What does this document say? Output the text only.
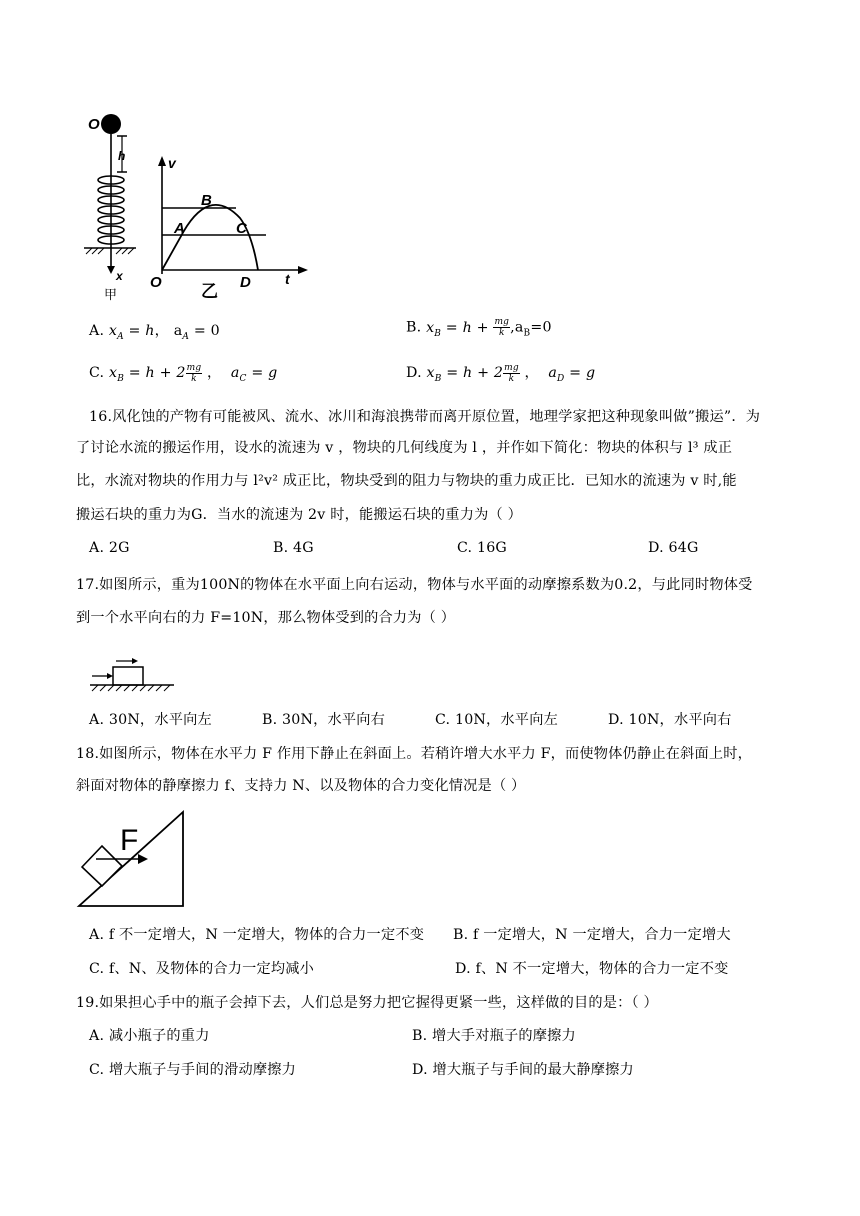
O
h
x
甲
v
t
B
A	C
O 乙 D
A. $x_A = h$， $a_A = 0$	B. $x_B = h + \frac{mg}{k} ,a_B=0$
C. $x_B = h + 2 \frac{mg}{k}$ ，  $a_C = g$	D. $x_B = h + 2 \frac{mg}{k}$ ，  $a_D = g$
16.风化蚀的产物有可能被风、流水、冰川和海浪携带而离开原位置，地理学家把这种现象叫做”搬运”．为
了讨论水流的搬运作用，设水的流速为 v ，物块的几何线度为 l ，并作如下简化：物块的体积与 l³ 成正
比，水流对物块的作用力与 l²v² 成正比，物块受到的阻力与物块的重力成正比．已知水的流速为 v 时,能
搬运石块的重力为G．当水的流速为 2v 时，能搬运石块的重力为（ ）
A. 2G	B. 4G	C. 16G	D. 64G
17.如图所示，重为100N的物体在水平面上向右运动，物体与水平面的动摩擦系数为0.2，与此同时物体受
到一个水平向右的力 F=10N，那么物体受到的合力为（ ）
A. 30N，水平向左	B. 30N，水平向右	C. 10N，水平向左	D. 10N，水平向右
18.如图所示，物体在水平力 F 作用下静止在斜面上。若稍许增大水平力 F，而使物体仍静止在斜面上时，
斜面对物体的静摩擦力 f、支持力 N、以及物体的合力变化情况是（ ）
F
A. f 不一定增大，N 一定增大，物体的合力一定不变 B. f 一定增大，N 一定增大，合力一定增大
C. f、N、及物体的合力一定均减小	D. f、N 不一定增大，物体的合力一定不变
19.如果担心手中的瓶子会掉下去，人们总是努力把它握得更紧一些，这样做的目的是：（ ）
A. 减小瓶子的重力	B. 增大手对瓶子的摩擦力
C. 增大瓶子与手间的滑动摩擦力	D. 增大瓶子与手间的最大静摩擦力
